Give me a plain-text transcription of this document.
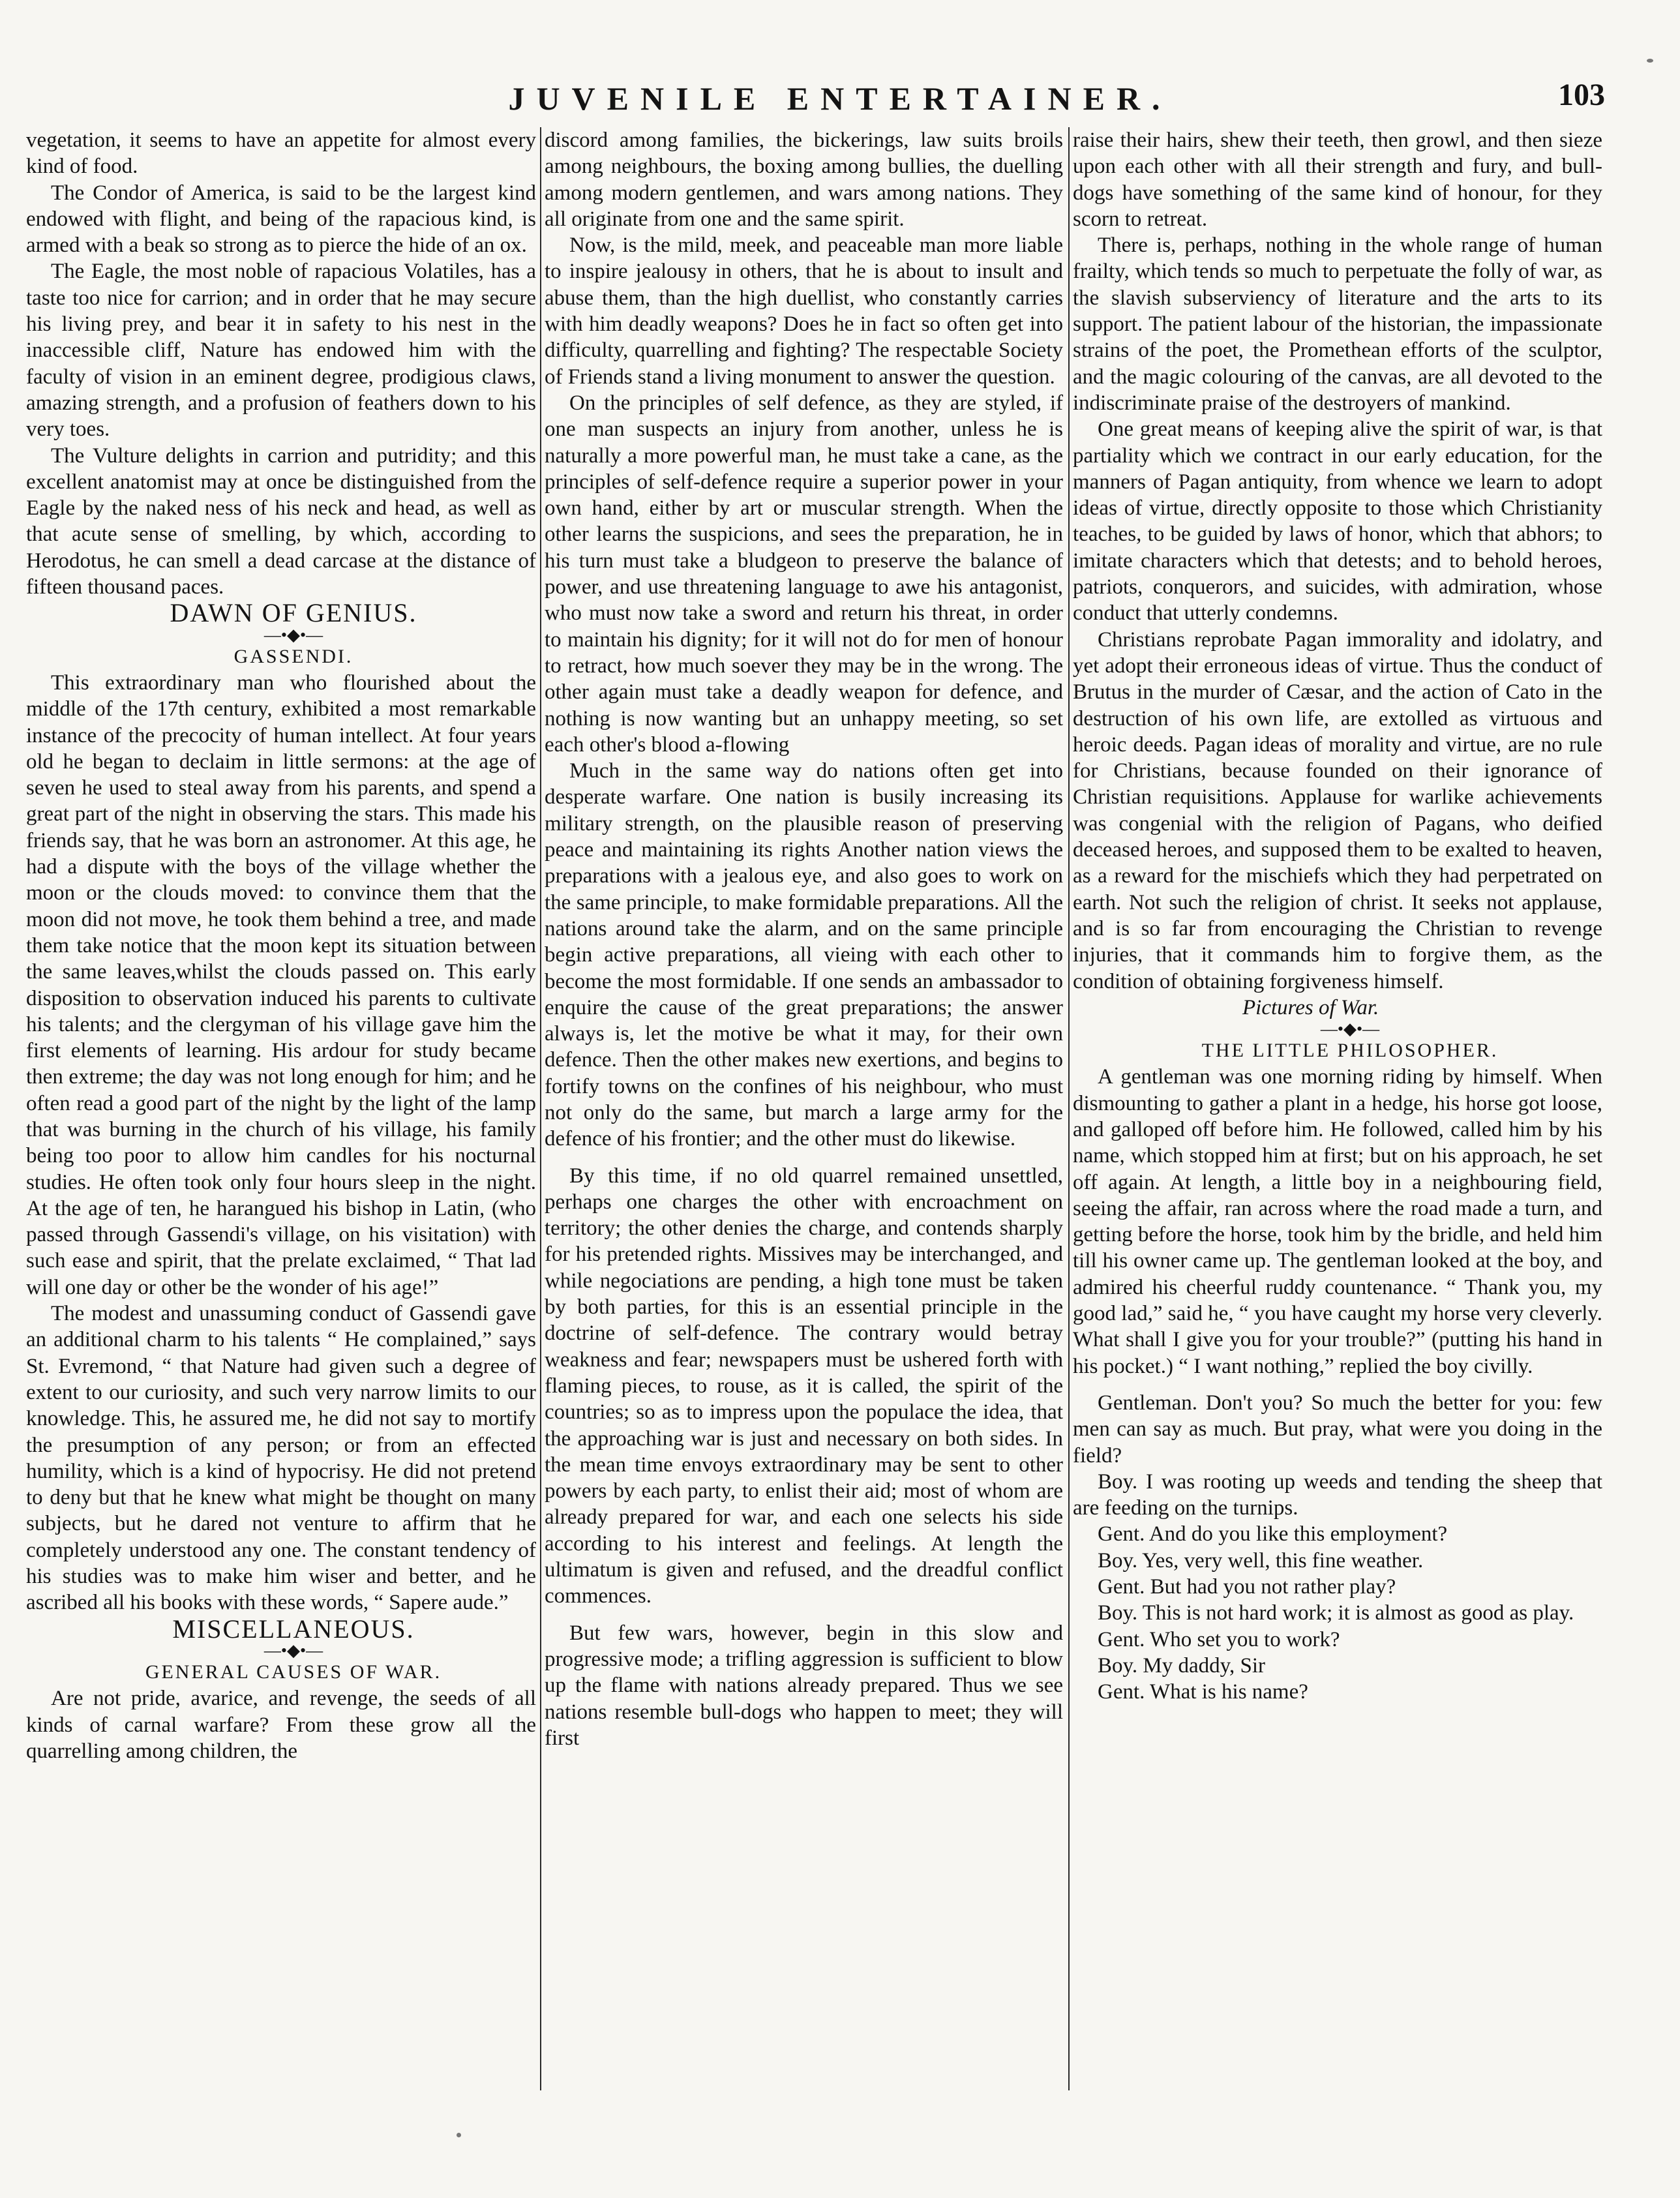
JUVENILE ENTERTAINER.	103

vegetation, it seems to have an appetite for almost every kind of food.

The Condor of America, is said to be the largest kind endowed with flight, and being of the rapacious kind, is armed with a beak so strong as to pierce the hide of an ox.

The Eagle, the most noble of rapacious Volatiles, has a taste too nice for carrion; and in order that he may secure his living prey, and bear it in safety to his nest in the inaccessible cliff, Nature has endowed him with the faculty of vision in an eminent degree, prodigious claws, amazing strength, and a profusion of feathers down to his very toes.

The Vulture delights in carrion and putridity; and this excellent anatomist may at once be distinguished from the Eagle by the naked ness of his neck and head, as well as that acute sense of smelling, by which, according to Herodotus, he can smell a dead carcase at the distance of fifteen thousand paces.

DAWN OF GENIUS.

—•◆•—

GASSENDI.

This extraordinary man who flourished about the middle of the 17th century, exhibited a most remarkable instance of the precocity of human intellect. At four years old he began to declaim in little sermons: at the age of seven he used to steal away from his parents, and spend a great part of the night in observing the stars. This made his friends say, that he was born an astronomer. At this age, he had a dispute with the boys of the village whether the moon or the clouds moved: to convince them that the moon did not move, he took them behind a tree, and made them take notice that the moon kept its situation between the same leaves,whilst the clouds passed on. This early disposition to observation induced his parents to cultivate his talents; and the clergyman of his village gave him the first elements of learning. His ardour for study became then extreme; the day was not long enough for him; and he often read a good part of the night by the light of the lamp that was burning in the church of his village, his family being too poor to allow him candles for his nocturnal studies. He often took only four hours sleep in the night. At the age of ten, he harangued his bishop in Latin, (who passed through Gassendi's village, on his visitation) with such ease and spirit, that the prelate exclaimed, “ That lad will one day or other be the wonder of his age!”

The modest and unassuming conduct of Gassendi gave an additional charm to his talents “ He complained,” says St. Evremond, “ that Nature had given such a degree of extent to our curiosity, and such very narrow limits to our knowledge. This, he assured me, he did not say to mortify the presumption of any person; or from an effected humility, which is a kind of hypocrisy. He did not pretend to deny but that he knew what might be thought on many subjects, but he dared not venture to affirm that he completely understood any one. The constant tendency of his studies was to make him wiser and better, and he ascribed all his books with these words, “ Sapere aude.”

MISCELLANEOUS.

—•◆•—

GENERAL CAUSES OF WAR.

Are not pride, avarice, and revenge, the seeds of all kinds of carnal warfare? From these grow all the quarrelling among children, the

discord among families, the bickerings, law suits broils among neighbours, the boxing among bullies, the duelling among modern gentlemen, and wars among nations. They all originate from one and the same spirit.

Now, is the mild, meek, and peaceable man more liable to inspire jealousy in others, that he is about to insult and abuse them, than the high duellist, who constantly carries with him deadly weapons? Does he in fact so often get into difficulty, quarrelling and fighting? The respectable Society of Friends stand a living monument to answer the question.

On the principles of self defence, as they are styled, if one man suspects an injury from another, unless he is naturally a more powerful man, he must take a cane, as the principles of self-defence require a superior power in your own hand, either by art or muscular strength. When the other learns the suspicions, and sees the preparation, he in his turn must take a bludgeon to preserve the balance of power, and use threatening language to awe his antagonist, who must now take a sword and return his threat, in order to maintain his dignity; for it will not do for men of honour to retract, how much soever they may be in the wrong. The other again must take a deadly weapon for defence, and nothing is now wanting but an unhappy meeting, so set each other's blood a-flowing

Much in the same way do nations often get into desperate warfare. One nation is busily increasing its military strength, on the plausible reason of preserving peace and maintaining its rights Another nation views the preparations with a jealous eye, and also goes to work on the same principle, to make formidable preparations. All the nations around take the alarm, and on the same principle begin active preparations, all vieing with each other to become the most formidable. If one sends an ambassador to enquire the cause of the great preparations; the answer always is, let the motive be what it may, for their own defence. Then the other makes new exertions, and begins to fortify towns on the confines of his neighbour, who must not only do the same, but march a large army for the defence of his frontier; and the other must do likewise.

By this time, if no old quarrel remained unsettled, perhaps one charges the other with encroachment on territory; the other denies the charge, and contends sharply for his pretended rights. Missives may be interchanged, and while negociations are pending, a high tone must be taken by both parties, for this is an essential principle in the doctrine of self-defence. The contrary would betray weakness and fear; newspapers must be ushered forth with flaming pieces, to rouse, as it is called, the spirit of the countries; so as to impress upon the populace the idea, that the approaching war is just and necessary on both sides. In the mean time envoys extraordinary may be sent to other powers by each party, to enlist their aid; most of whom are already prepared for war, and each one selects his side according to his interest and feelings. At length the ultimatum is given and refused, and the dreadful conflict commences.

But few wars, however, begin in this slow and progressive mode; a trifling aggression is sufficient to blow up the flame with nations already prepared. Thus we see nations resemble bull-dogs who happen to meet; they will first

raise their hairs, shew their teeth, then growl, and then sieze upon each other with all their strength and fury, and bull-dogs have something of the same kind of honour, for they scorn to retreat.

There is, perhaps, nothing in the whole range of human frailty, which tends so much to perpetuate the folly of war, as the slavish subserviency of literature and the arts to its support. The patient labour of the historian, the impassionate strains of the poet, the Promethean efforts of the sculptor, and the magic colouring of the canvas, are all devoted to the indiscriminate praise of the destroyers of mankind.

One great means of keeping alive the spirit of war, is that partiality which we contract in our early education, for the manners of Pagan antiquity, from whence we learn to adopt ideas of virtue, directly opposite to those which Christianity teaches, to be guided by laws of honor, which that abhors; to imitate characters which that detests; and to behold heroes, patriots, conquerors, and suicides, with admiration, whose conduct that utterly condemns.

Christians reprobate Pagan immorality and idolatry, and yet adopt their erroneous ideas of virtue. Thus the conduct of Brutus in the murder of Cæsar, and the action of Cato in the destruction of his own life, are extolled as virtuous and heroic deeds. Pagan ideas of morality and virtue, are no rule for Christians, because founded on their ignorance of Christian requisitions. Applause for warlike achievements was congenial with the religion of Pagans, who deified deceased heroes, and supposed them to be exalted to heaven, as a reward for the mischiefs which they had perpetrated on earth. Not such the religion of christ. It seeks not applause, and is so far from encouraging the Christian to revenge injuries, that it commands him to forgive them, as the condition of obtaining forgiveness himself.

Pictures of War.

—•◆•—

THE LITTLE PHILOSOPHER.

A gentleman was one morning riding by himself. When dismounting to gather a plant in a hedge, his horse got loose, and galloped off before him. He followed, called him by his name, which stopped him at first; but on his approach, he set off again. At length, a little boy in a neighbouring field, seeing the affair, ran across where the road made a turn, and getting before the horse, took him by the bridle, and held him till his owner came up. The gentleman looked at the boy, and admired his cheerful ruddy countenance. “ Thank you, my good lad,” said he, “ you have caught my horse very cleverly. What shall I give you for your trouble?” (putting his hand in his pocket.) “ I want nothing,” replied the boy civilly.

Gentleman. Don't you? So much the better for you: few men can say as much. But pray, what were you doing in the field?

Boy. I was rooting up weeds and tending the sheep that are feeding on the turnips.

Gent. And do you like this employment?

Boy. Yes, very well, this fine weather.

Gent. But had you not rather play?

Boy. This is not hard work; it is almost as good as play.

Gent. Who set you to work?

Boy. My daddy, Sir

Gent. What is his name?
